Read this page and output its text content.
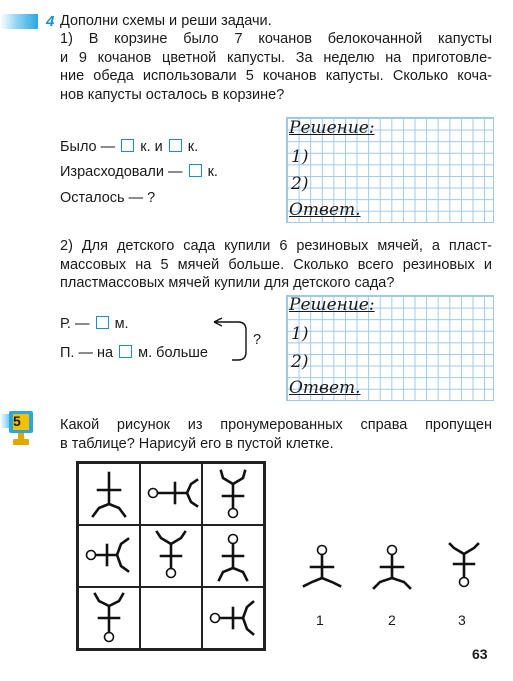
4 Дополни схемы и реши задачи.
1) В корзине было 7 кочанов белокочанной капусты
и 9 кочанов цветной капусты. За неделю на приготовле-
ние обеда использовали 5 кочанов капусты. Сколько коча-
нов капусты осталось в корзине?
Было — к. и к.
Израсходовали — к.
Осталось — ?
Решение:
1)
2)
Ответ.
2) Для детского сада купили 6 резиновых мячей, а пласт-
массовых на 5 мячей больше. Сколько всего резиновых и
пластмассовых мячей купили для детского сада?
Р. — м.
П. — на м. больше
?
Решение:
1)
2)
Ответ.
5	Какой рисунок из пронумерованных справа пропущен
в таблице? Нарисуй его в пустой клетке.
1	2	3
63
